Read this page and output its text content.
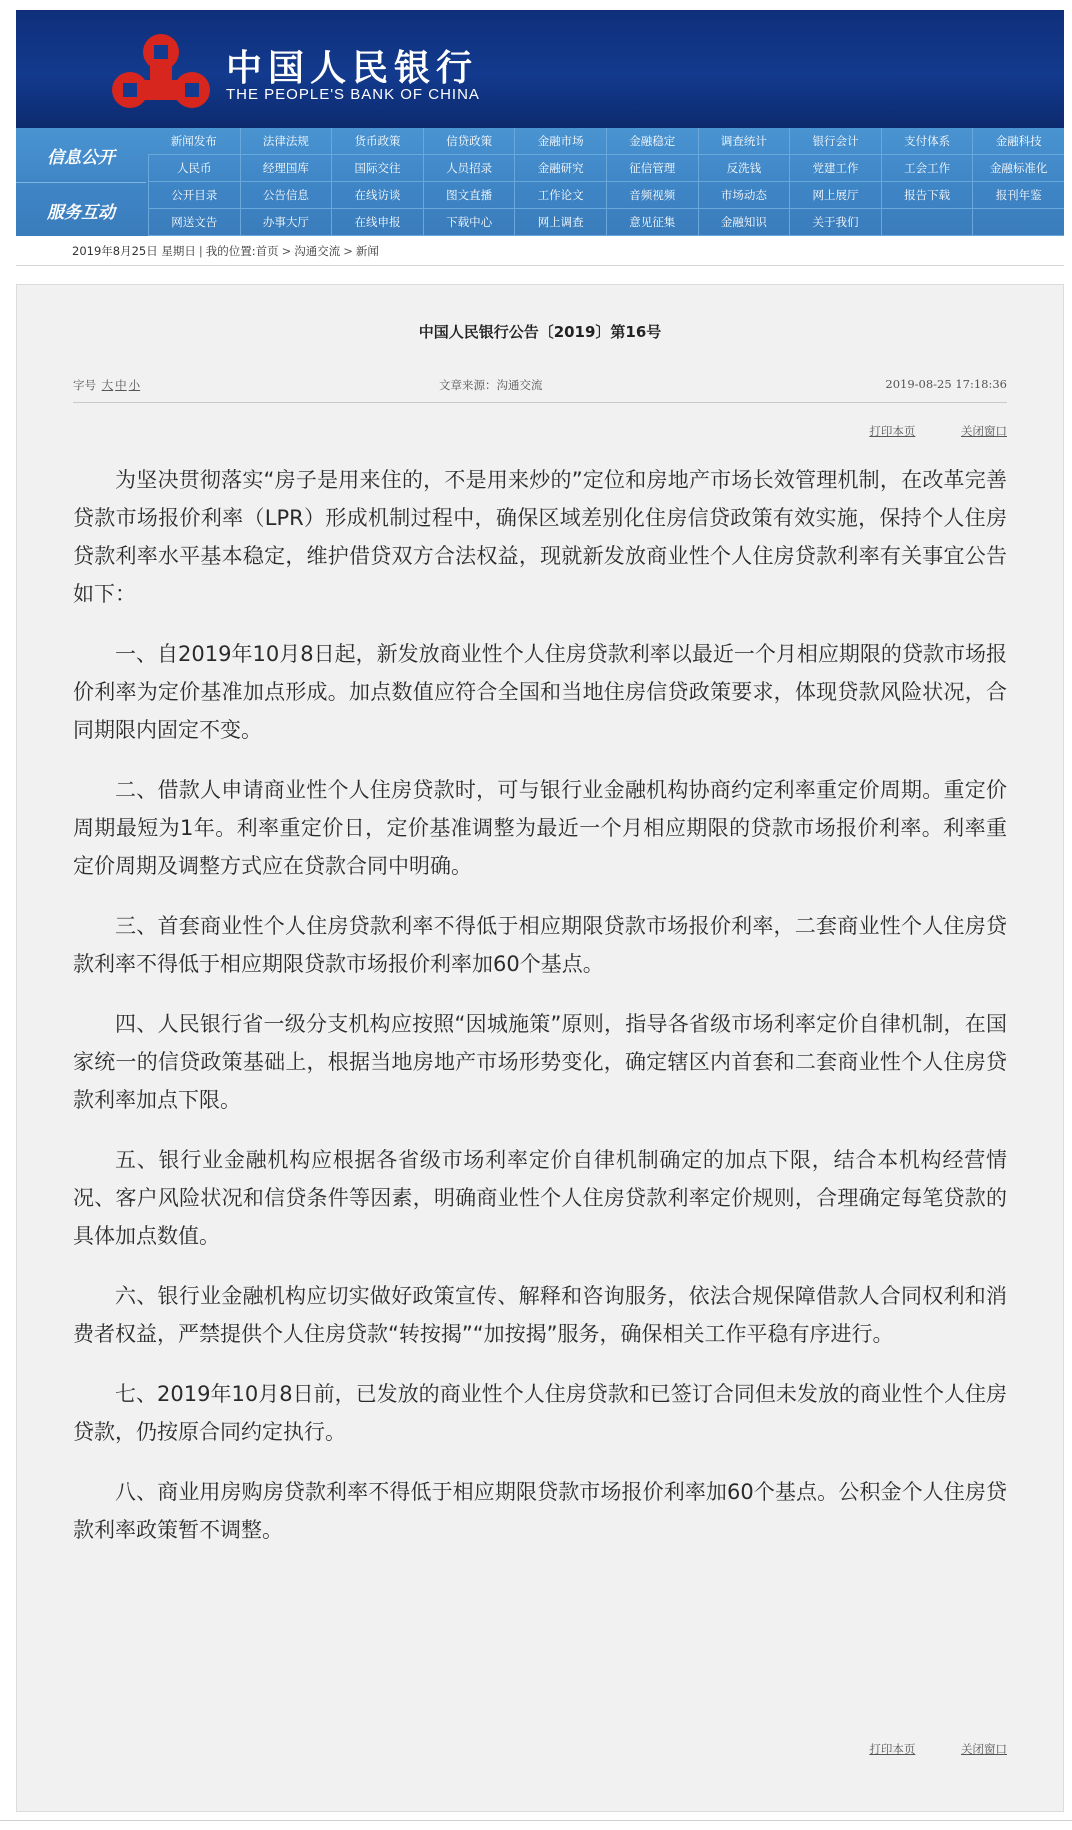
中国人民银行
THE PEOPLE'S BANK OF CHINA
信息公开
服务互动
新闻发布	法律法规	货币政策	信贷政策	金融市场	金融稳定	调查统计	银行会计	支付体系	金融科技
人民币	经理国库	国际交往	人员招录	金融研究	征信管理	反洗钱	党建工作	工会工作	金融标准化
公开目录	公告信息	在线访谈	图文直播	工作论文	音频视频	市场动态	网上展厅	报告下载	报刊年鉴
网送文告	办事大厅	在线申报	下载中心	网上调查	意见征集	金融知识	关于我们
2019年8月25日 星期日 | 我的位置: 首页 > 沟通交流 > 新闻
中国人民银行公告〔2019〕第16号
字号 大 中 小	文章来源：沟通交流	2019-08-25 17:18:36
打印本页	关闭窗口

为坚决贯彻落实“房子是用来住的，不是用来炒的”定位和房地产市场长效管理机制，在改革完善贷款市场报价利率（LPR）形成机制过程中，确保区域差别化住房信贷政策有效实施，保持个人住房贷款利率水平基本稳定，维护借贷双方合法权益，现就新发放商业性个人住房贷款利率有关事宜公告如下：

一、自2019年10月8日起，新发放商业性个人住房贷款利率以最近一个月相应期限的贷款市场报价利率为定价基准加点形成。加点数值应符合全国和当地住房信贷政策要求，体现贷款风险状况，合同期限内固定不变。

二、借款人申请商业性个人住房贷款时，可与银行业金融机构协商约定利率重定价周期。重定价周期最短为1年。利率重定价日，定价基准调整为最近一个月相应期限的贷款市场报价利率。利率重定价周期及调整方式应在贷款合同中明确。

三、首套商业性个人住房贷款利率不得低于相应期限贷款市场报价利率，二套商业性个人住房贷款利率不得低于相应期限贷款市场报价利率加60个基点。

四、人民银行省一级分支机构应按照“因城施策”原则，指导各省级市场利率定价自律机制，在国家统一的信贷政策基础上，根据当地房地产市场形势变化，确定辖区内首套和二套商业性个人住房贷款利率加点下限。

五、银行业金融机构应根据各省级市场利率定价自律机制确定的加点下限，结合本机构经营情况、客户风险状况和信贷条件等因素，明确商业性个人住房贷款利率定价规则，合理确定每笔贷款的具体加点数值。

六、银行业金融机构应切实做好政策宣传、解释和咨询服务，依法合规保障借款人合同权利和消费者权益，严禁提供个人住房贷款“转按揭”“加按揭”服务，确保相关工作平稳有序进行。

七、2019年10月8日前，已发放的商业性个人住房贷款和已签订合同但未发放的商业性个人住房贷款，仍按原合同约定执行。

八、商业用房购房贷款利率不得低于相应期限贷款市场报价利率加60个基点。公积金个人住房贷款利率政策暂不调整。

打印本页	关闭窗口
